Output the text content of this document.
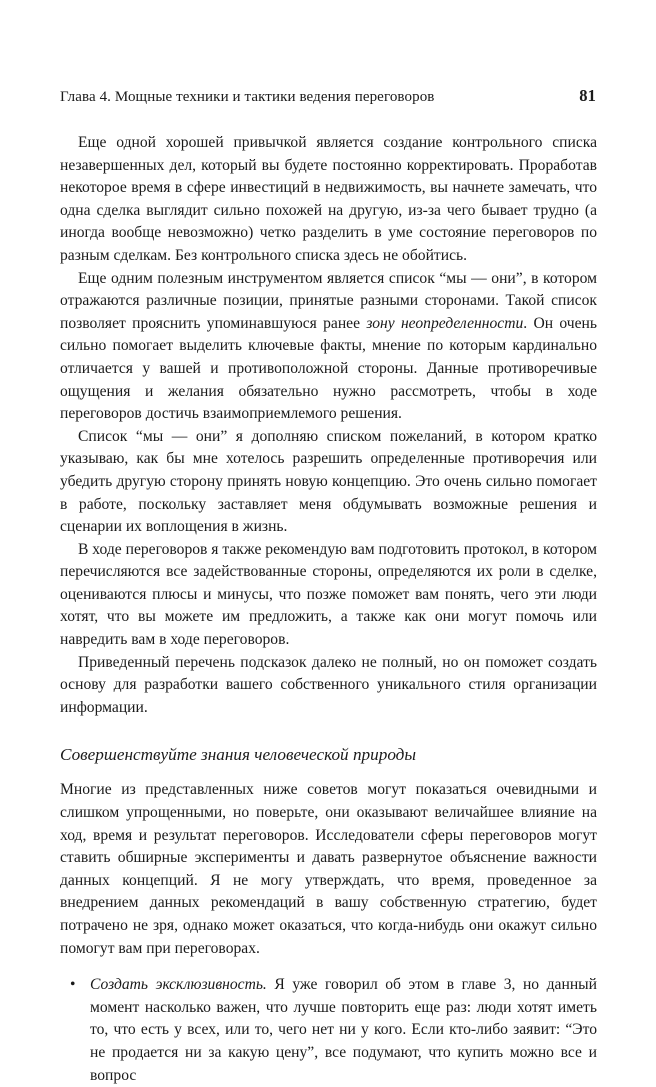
Глава 4. Мощные техники и тактики ведения переговоров	81

Еще одной хорошей привычкой является создание контрольного списка незавершенных дел, который вы будете постоянно корректировать. Проработав некоторое время в сфере инвестиций в недвижимость, вы начнете замечать, что одна сделка выглядит сильно похожей на другую, из-за чего бывает трудно (а иногда вообще невозможно) четко разделить в уме состояние переговоров по разным сделкам. Без контрольного списка здесь не обойтись.

Еще одним полезным инструментом является список “мы — они”, в котором отражаются различные позиции, принятые разными сторонами. Такой список позволяет прояснить упоминавшуюся ранее зону неопределенности. Он очень сильно помогает выделить ключевые факты, мнение по которым кардинально отличается у вашей и противоположной стороны. Данные противоречивые ощущения и желания обязательно нужно рассмотреть, чтобы в ходе переговоров достичь взаимоприемлемого решения.

Список “мы — они” я дополняю списком пожеланий, в котором кратко указываю, как бы мне хотелось разрешить определенные противоречия или убедить другую сторону принять новую концепцию. Это очень сильно помогает в работе, поскольку заставляет меня обдумывать возможные решения и сценарии их воплощения в жизнь.

В ходе переговоров я также рекомендую вам подготовить протокол, в котором перечисляются все задействованные стороны, определяются их роли в сделке, оцениваются плюсы и минусы, что позже поможет вам понять, чего эти люди хотят, что вы можете им предложить, а также как они могут помочь или навредить вам в ходе переговоров.

Приведенный перечень подсказок далеко не полный, но он поможет создать основу для разработки вашего собственного уникального стиля организации информации.

Совершенствуйте знания человеческой природы

Многие из представленных ниже советов могут показаться очевидными и слишком упрощенными, но поверьте, они оказывают величайшее влияние на ход, время и результат переговоров. Исследователи сферы переговоров могут ставить обширные эксперименты и давать развернутое объяснение важности данных концепций. Я не могу утверждать, что время, проведенное за внедрением данных рекомендаций в вашу собственную стратегию, будет потрачено не зря, однако может оказаться, что когда-нибудь они окажут сильно помогут вам при переговорах.

• Создать эксклюзивность. Я уже говорил об этом в главе 3, но данный момент насколько важен, что лучше повторить еще раз: люди хотят иметь то, что есть у всех, или то, чего нет ни у кого. Если кто-либо заявит: “Это не продается ни за какую цену”, все подумают, что купить можно все и вопрос
